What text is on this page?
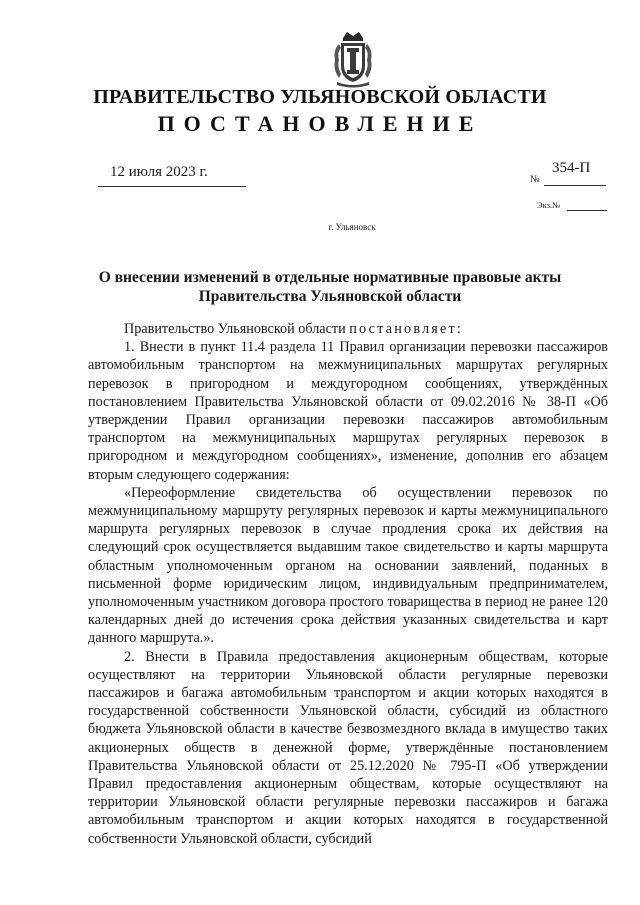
ПРАВИТЕЛЬСТВО УЛЬЯНОВСКОЙ ОБЛАСТИ
ПОСТАНОВЛЕНИЕ
12 июля 2023 г.	354-П
№
Экз.№
г. Ульяновск
О внесении изменений в отдельные нормативные правовые акты
Правительства Ульяновской области

Правительство Ульяновской области постановляет:

1. Внести в пункт 11.4 раздела 11 Правил организации перевозки пассажиров автомобильным транспортом на межмуниципальных маршрутах регулярных перевозок в пригородном и междугородном сообщениях, утверждённых постановлением Правительства Ульяновской области от 09.02.2016 № 38-П «Об утверждении Правил организации перевозки пассажиров автомобильным транспортом на межмуниципальных маршрутах регулярных перевозок в пригородном и междугородном сообщениях», изменение, дополнив его абзацем вторым следующего содержания:

«Переоформление свидетельства об осуществлении перевозок по межмуниципальному маршруту регулярных перевозок и карты межмуниципального маршрута регулярных перевозок в случае продления срока их действия на следующий срок осуществляется выдавшим такое свидетельство и карты маршрута областным уполномоченным органом на основании заявлений, поданных в письменной форме юридическим лицом, индивидуальным предпринимателем, уполномоченным участником договора простого товарищества в период не ранее 120 календарных дней до истечения срока действия указанных свидетельства и карт данного маршрута.».

2. Внести в Правила предоставления акционерным обществам, которые осуществляют на территории Ульяновской области регулярные перевозки пассажиров и багажа автомобильным транспортом и акции которых находятся в государственной собственности Ульяновской области, субсидий из областного бюджета Ульяновской области в качестве безвозмездного вклада в имущество таких акционерных обществ в денежной форме, утверждённые постановлением Правительства Ульяновской области от 25.12.2020 № 795-П «Об утверждении Правил предоставления акционерным обществам, которые осуществляют на территории Ульяновской области регулярные перевозки пассажиров и багажа автомобильным транспортом и акции которых находятся в государственной собственности Ульяновской области, субсидий
